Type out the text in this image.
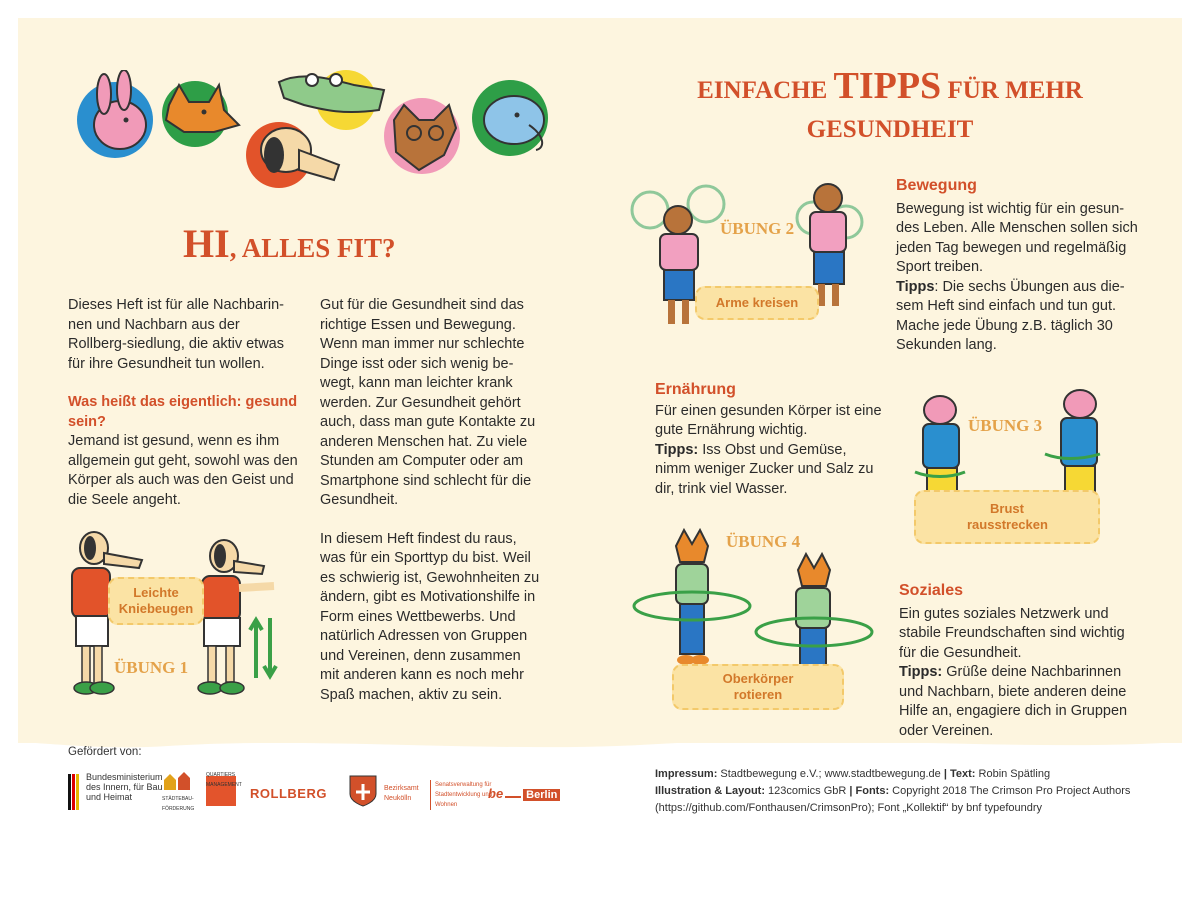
HI, ALLES FIT?
Dieses Heft ist für alle Nachbarin-nen und Nachbarn aus der Rollberg-siedlung, die aktiv etwas für ihre Gesundheit tun wollen.
Was heißt das eigentlich: gesund sein?
Jemand ist gesund, wenn es ihm allgemein gut geht, sowohl was den Körper als auch was den Geist und die Seele angeht.
Gut für die Gesundheit sind das richtige Essen und Bewegung. Wenn man immer nur schlechte Dinge isst oder sich wenig be-wegt, kann man leichter krank werden. Zur Gesundheit gehört auch, dass man gute Kontakte zu anderen Menschen hat. Zu viele Stunden am Computer oder am Smartphone sind schlecht für die Gesundheit.
In diesem Heft findest du raus, was für ein Sporttyp du bist. Weil es schwierig ist, Gewohnheiten zu ändern, gibt es Motivationshilfe in Form eines Wettbewerbs. Und natürlich Adressen von Gruppen und Vereinen, denn zusammen mit anderen kann es noch mehr Spaß machen, aktiv zu sein.
Leichte Kniebeugen
ÜBUNG 1
EINFACHE TIPPS FÜR MEHR
GESUNDHEIT
Bewegung
Bewegung ist wichtig für ein gesun-des Leben. Alle Menschen sollen sich jeden Tag bewegen und regelmäßig Sport treiben.
Tipps: Die sechs Übungen aus die-sem Heft sind einfach und tun gut. Mache jede Übung z.B. täglich 30 Sekunden lang.
Ernährung
Für einen gesunden Körper ist eine gute Ernährung wichtig.
Tipps: Iss Obst und Gemüse, nimm weniger Zucker und Salz zu dir, trink viel Wasser.
Soziales
Ein gutes soziales Netzwerk und stabile Freundschaften sind wichtig für die Gesundheit.
Tipps: Grüße deine Nachbarinnen und Nachbarn, biete anderen deine Hilfe an, engagiere dich in Gruppen oder Vereinen.
ÜBUNG 2
Arme kreisen
ÜBUNG 3
Brust rausstrecken
ÜBUNG 4
Oberkörper rotieren
Gefördert von:
Bundesministerium des Innern, für Bau und Heimat	STÄDTEBAU-FÖRDERUNG
QUARTIERS MANAGEMENT
ROLLBERG	Bezirksamt Neukölln
Senatsverwaltung für Stadtentwicklung und Wohnen
be Berlin
Impressum: Stadtbewegung e.V.; www.stadtbewegung.de | Text: Robin Spätling
Illustration & Layout: 123comics GbR | Fonts: Copyright 2018 The Crimson Pro Project Authors (https://github.com/Fonthausen/CrimsonPro); Font „Kollektif“ by bnf typefoundry
